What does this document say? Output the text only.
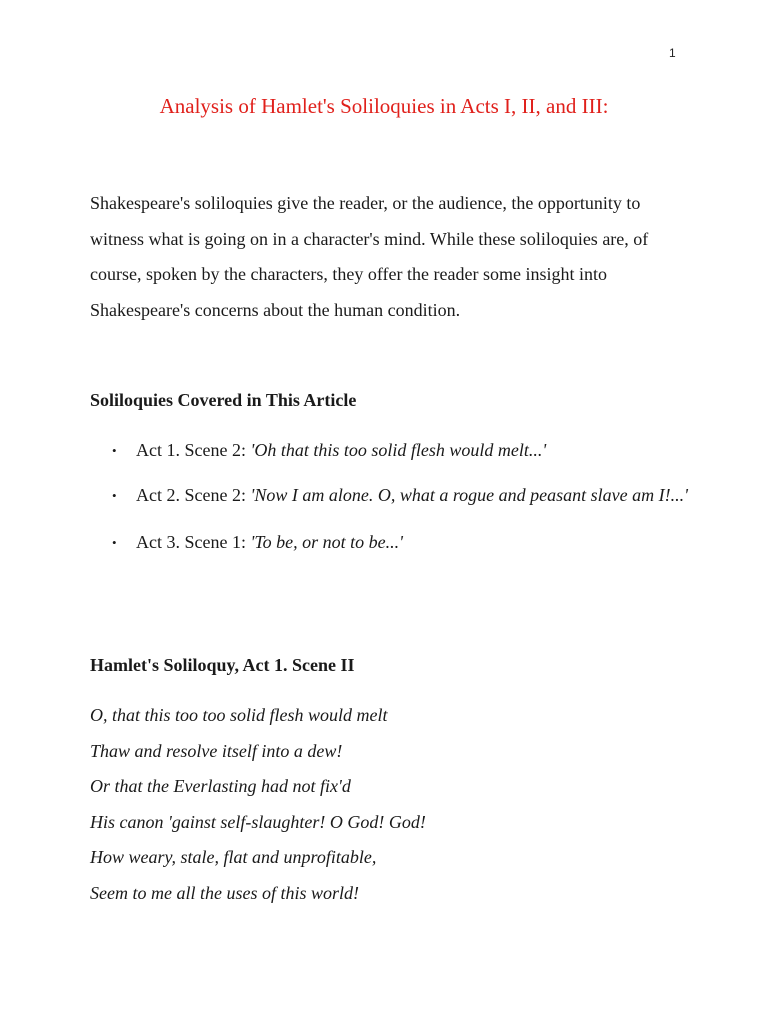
1
Analysis of Hamlet's Soliloquies in Acts I, II, and III:

Shakespeare's soliloquies give the reader, or the audience, the opportunity to witness what is going on in a character's mind. While these soliloquies are, of course, spoken by the characters, they offer the reader some insight into Shakespeare's concerns about the human condition.

Soliloquies Covered in This Article
• Act 1. Scene 2: 'Oh that this too solid flesh would melt...'
• Act 2. Scene 2: 'Now I am alone. O, what a rogue and peasant slave am I!...'
• Act 3. Scene 1: 'To be, or not to be...'
Hamlet's Soliloquy, Act 1. Scene II
O, that this too too solid flesh would melt
Thaw and resolve itself into a dew!
Or that the Everlasting had not fix'd
His canon 'gainst self-slaughter! O God! God!
How weary, stale, flat and unprofitable,
Seem to me all the uses of this world!
